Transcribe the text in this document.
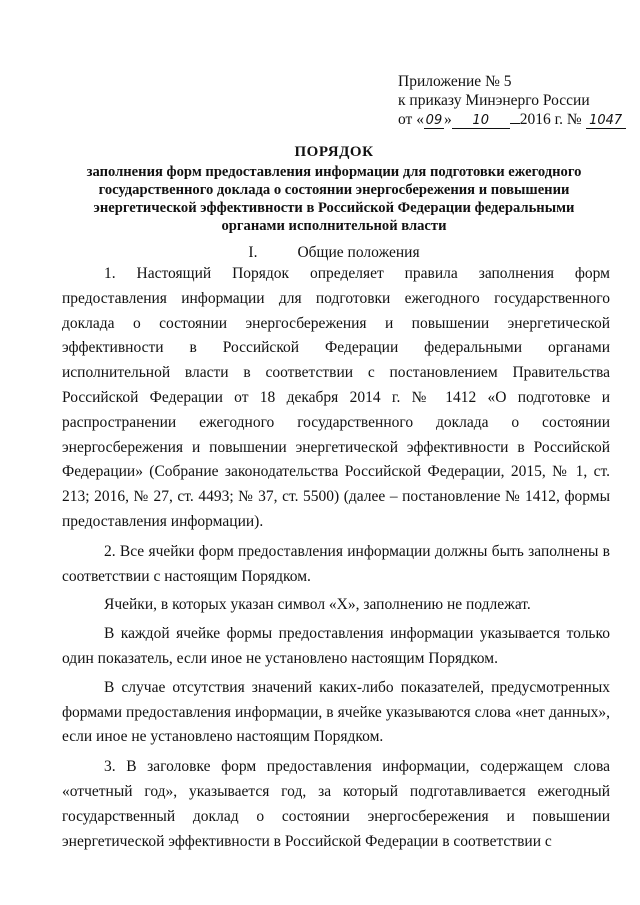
Приложение № 5
к приказу Минэнерго России
от « 09 » 10 2016 г. № 1047
ПОРЯДОК
заполнения форм предоставления информации для подготовки ежегодного государственного доклада о состоянии энергосбережения и повышении энергетической эффективности в Российской Федерации федеральными органами исполнительной власти
I.	Общие положения

1. Настоящий Порядок определяет правила заполнения форм предоставления информации для подготовки ежегодного государственного доклада о состоянии энергосбережения и повышении энергетической эффективности в Российской Федерации федеральными органами исполнительной власти в соответствии с постановлением Правительства Российской Федерации от 18 декабря 2014 г. № 1412 «О подготовке и распространении ежегодного государственного доклада о состоянии энергосбережения и повышении энергетической эффективности в Российской Федерации» (Собрание законодательства Российской Федерации, 2015, № 1, ст. 213; 2016, № 27, ст. 4493; № 37, ст. 5500) (далее – постановление № 1412, формы предоставления информации).

2. Все ячейки форм предоставления информации должны быть заполнены в соответствии с настоящим Порядком.

Ячейки, в которых указан символ «Х», заполнению не подлежат.

В каждой ячейке формы предоставления информации указывается только один показатель, если иное не установлено настоящим Порядком.

В случае отсутствия значений каких-либо показателей, предусмотренных формами предоставления информации, в ячейке указываются слова «нет данных», если иное не установлено настоящим Порядком.

3. В заголовке форм предоставления информации, содержащем слова «отчетный год», указывается год, за который подготавливается ежегодный государственный доклад о состоянии энергосбережения и повышении энергетической эффективности в Российской Федерации в соответствии с
